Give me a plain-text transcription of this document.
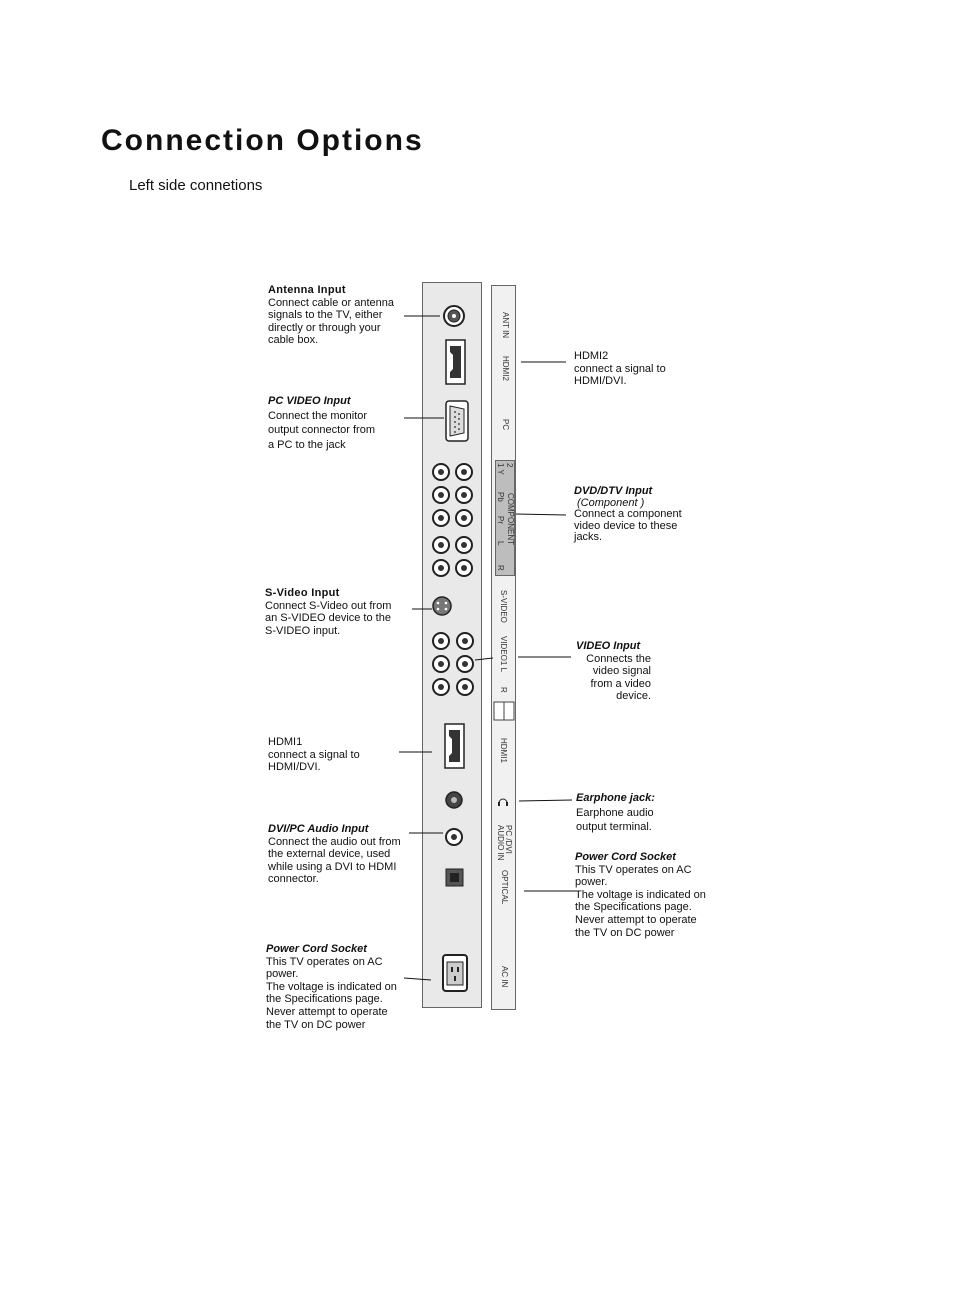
Connection Options
Left side connetions
Antenna Input
Connect cable or antenna
signals to the TV, either
directly or through your
cable box.
PC VIDEO Input
Connect the monitor
output connector from
a PC to the jack
S-Video Input
Connect S-Video out from
an S-VIDEO device to the
S-VIDEO input.
HDMI1
connect a signal to
HDMI/DVI.
DVI/PC Audio Input
Connect the audio out from
the external device, used
while using a DVI to HDMI
connector.
Power Cord Socket
This TV operates on AC
power.
The voltage is indicated on
the Specifications page.
Never attempt to operate
the TV on DC power
HDMI2
connect a signal to
HDMI/DVI.
DVD/DTV Input
(Component )
Connect a component
video device to these
jacks.
VIDEO Input
Connects the
video signal
from a video
device.
Earphone jack:
Earphone audio
output terminal.
Power Cord Socket
This TV operates on AC
power.
The voltage is indicated on
the Specifications page.
Never attempt to operate
the TV on DC power
ANT IN
HDMI2
PC
2
1 Y
COMPONENT
Pb
Pr
L
R
S-VIDEO
VIDEO1 L
R
HDMI1
PC /DVI
AUDIO IN
OPTICAL
AC IN
